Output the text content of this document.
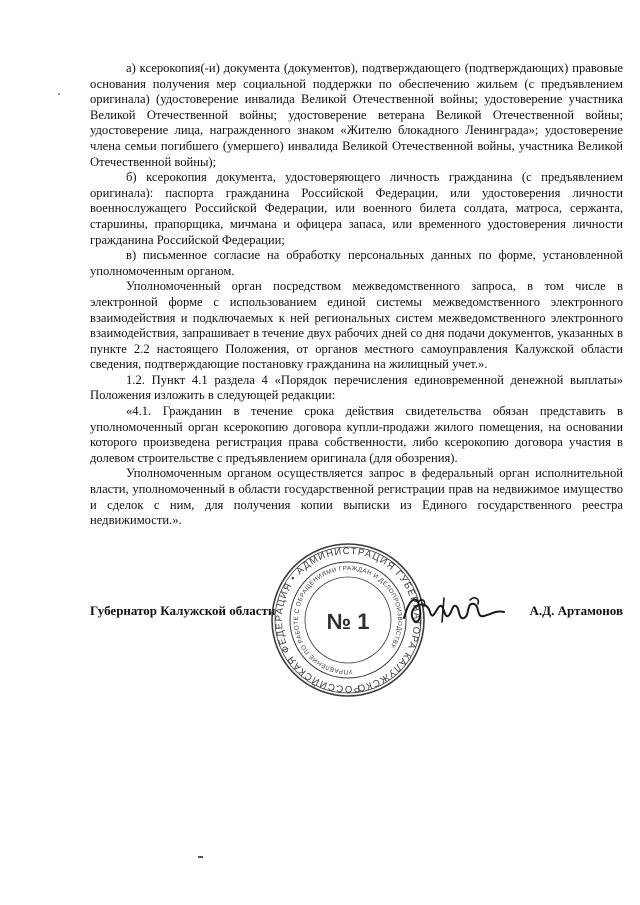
а) ксерокопия(-и) документа (документов), подтверждающего (подтверждающих) правовые основания получения мер социальной поддержки по обеспечению жильем (с предъявлением оригинала) (удостоверение инвалида Великой Отечественной войны; удостоверение участника Великой Отечественной войны; удостоверение ветерана Великой Отечественной войны; удостоверение лица, награжденного знаком «Жителю блокадного Ленинграда»; удостоверение члена семьи погибшего (умершего) инвалида Великой Отечественной войны, участника Великой Отечественной войны);

б) ксерокопия документа, удостоверяющего личность гражданина (с предъявлением оригинала): паспорта гражданина Российской Федерации, или удостоверения личности военнослужащего Российской Федерации, или военного билета солдата, матроса, сержанта, старшины, прапорщика, мичмана и офицера запаса, или временного удостоверения личности гражданина Российской Федерации;

в) письменное согласие на обработку персональных данных по форме, установленной уполномоченным органом.

Уполномоченный орган посредством межведомственного запроса, в том числе в электронной форме с использованием единой системы межведомственного электронного взаимодействия и подключаемых к ней региональных систем межведомственного электронного взаимодействия, запрашивает в течение двух рабочих дней со дня подачи документов, указанных в пункте 2.2 настоящего Положения, от органов местного самоуправления Калужской области сведения, подтверждающие постановку гражданина на жилищный учет.».

1.2. Пункт 4.1 раздела 4 «Порядок перечисления единовременной денежной выплаты» Положения изложить в следующей редакции:

«4.1. Гражданин в течение срока действия свидетельства обязан представить в уполномоченный орган ксерокопию договора купли-продажи жилого помещения, на основании которого произведена регистрация права собственности, либо ксерокопию договора участия в долевом строительстве с предъявлением оригинала (для обозрения).

Уполномоченным органом осуществляется запрос в федеральный орган исполнительной власти, уполномоченный в области государственной регистрации прав на недвижимое имущество и сделок с ним, для получения копии выписки из Единого государственного реестра недвижимости.».

Губернатор Калужской области	А.Д. Артамонов
РОССИЙСКАЯ ФЕДЕРАЦИЯ • АДМИНИСТРАЦИЯ ГУБЕРНАТОРА КАЛУЖСКОЙ
УПРАВЛЕНИЕ ПО РАБОТЕ С ОБРАЩЕНИЯМИ ГРАЖДАН И ДЕЛОПРОИЗВОДСТВУ
№ 1
